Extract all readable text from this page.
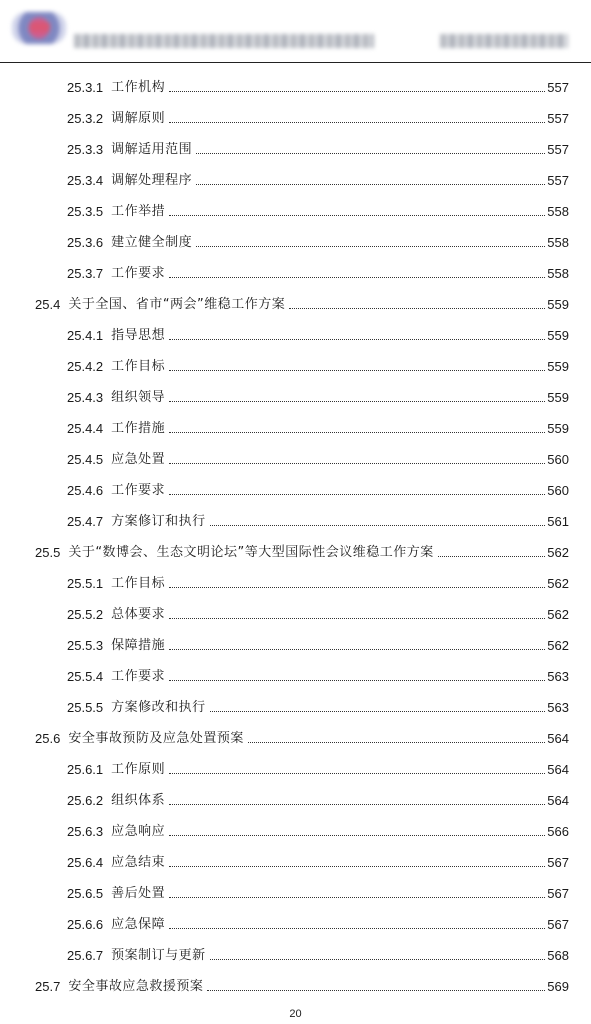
25.3.1 工作机构	557
25.3.2 调解原则	557
25.3.3 调解适用范围	557
25.3.4 调解处理程序	557
25.3.5 工作举措	558
25.3.6 建立健全制度	558
25.3.7 工作要求	558
25.4 关于全国、省市“两会”维稳工作方案	559
25.4.1 指导思想	559
25.4.2 工作目标	559
25.4.3 组织领导	559
25.4.4 工作措施	559
25.4.5 应急处置	560
25.4.6 工作要求	560
25.4.7 方案修订和执行	561
25.5 关于“数博会、生态文明论坛”等大型国际性会议维稳工作方案	562
25.5.1 工作目标	562
25.5.2 总体要求	562
25.5.3 保障措施	562
25.5.4 工作要求	563
25.5.5 方案修改和执行	563
25.6 安全事故预防及应急处置预案	564
25.6.1 工作原则	564
25.6.2 组织体系	564
25.6.3 应急响应	566
25.6.4 应急结束	567
25.6.5 善后处置	567
25.6.6 应急保障	567
25.6.7 预案制订与更新	568
25.7 安全事故应急救援预案	569
20
